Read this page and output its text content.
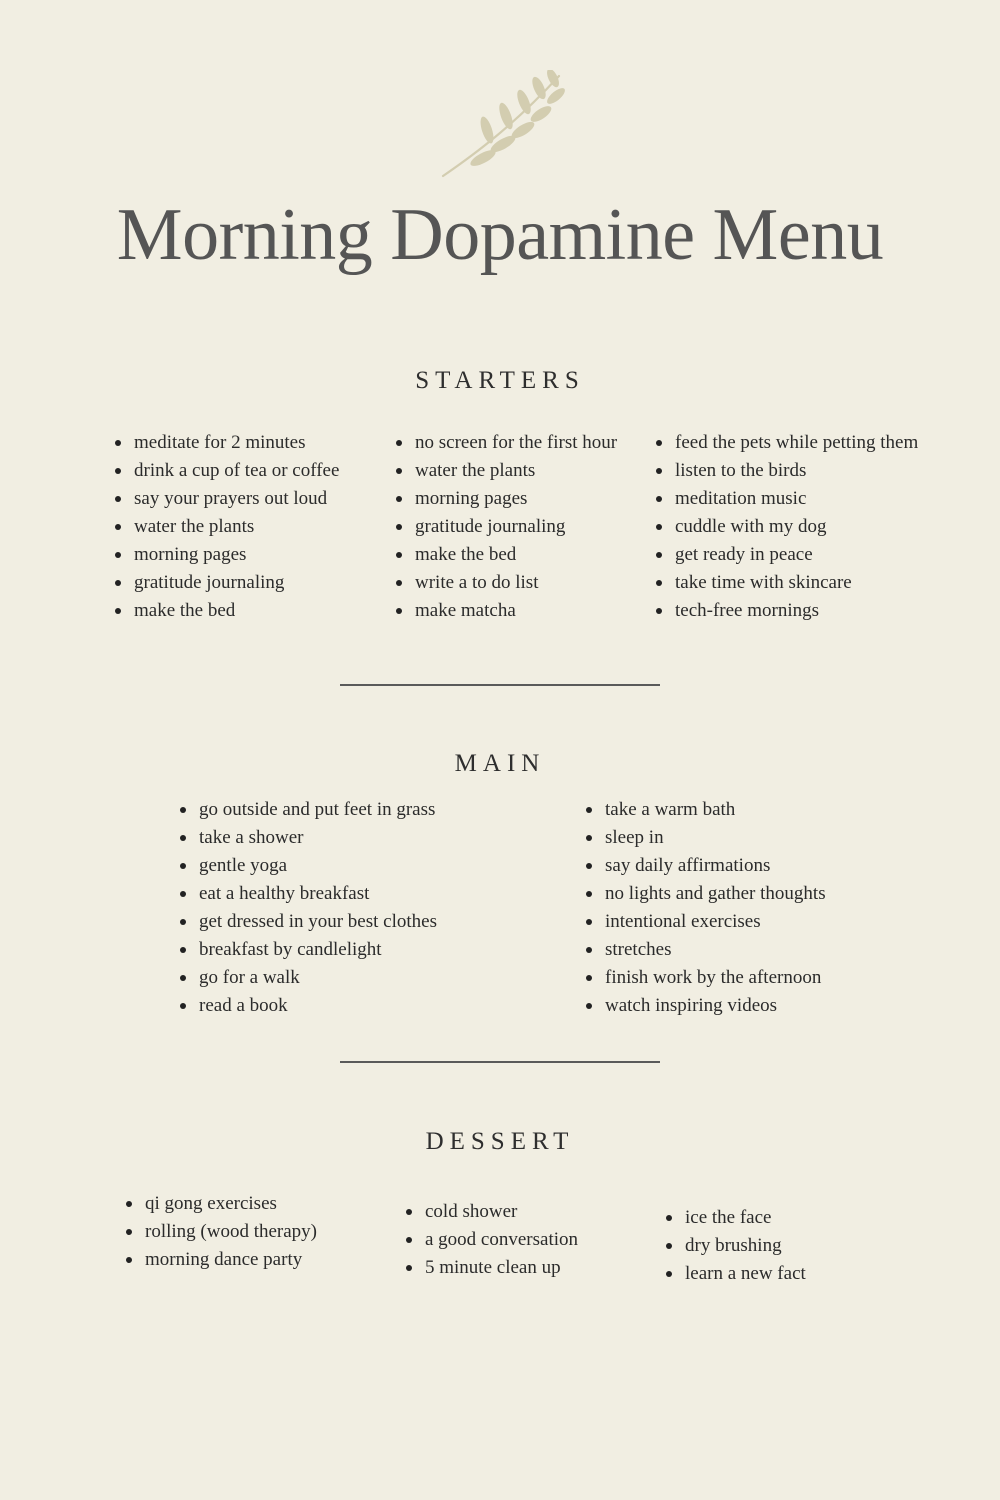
Morning Dopamine Menu
STARTERS
meditate for 2 minutes
drink a cup of tea or coffee
say your prayers out loud
water the plants
morning pages
gratitude journaling
make the bed
no screen for the first hour
water the plants
morning pages
gratitude journaling
make the bed
write a to do list
make matcha
feed the pets while petting them
listen to the birds
meditation music
cuddle with my dog
get ready in peace
take time with skincare
tech-free mornings
MAIN
go outside and put feet in grass
take a shower
gentle yoga
eat a healthy breakfast
get dressed in your best clothes
breakfast by candlelight
go for a walk
read a book
take a warm bath
sleep in
say daily affirmations
no lights and gather thoughts
intentional exercises
stretches
finish work by the afternoon
watch inspiring videos
DESSERT
qi gong exercises
rolling (wood therapy)
morning dance party
cold shower
a good conversation
5 minute clean up
ice the face
dry brushing
learn a new fact
